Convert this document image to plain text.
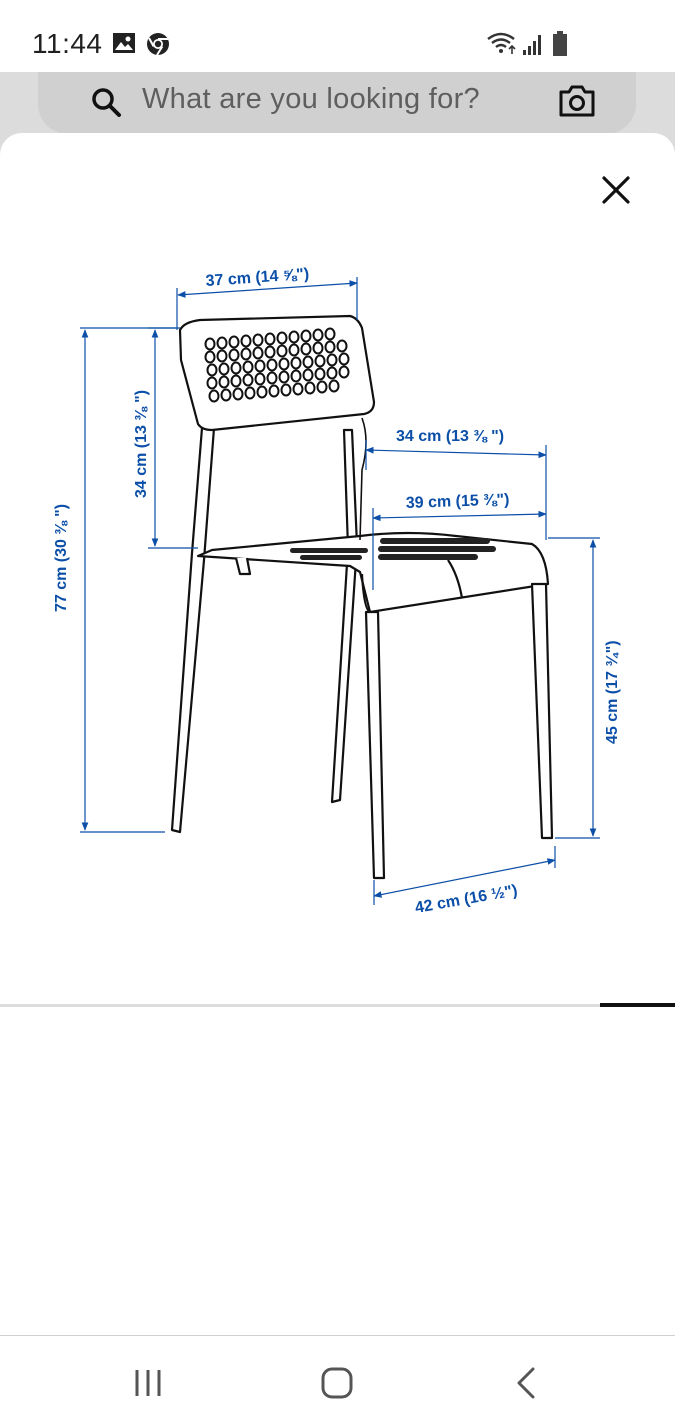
11:44
What are you looking for?
37 cm (14 ⅝")
34 cm (13 ⅜ ")
77 cm (30 ⅜ ")
34 cm (13 ⅜ ")
39 cm (15 ⅜")
45 cm (17 ¾")
42 cm (16 ½")
